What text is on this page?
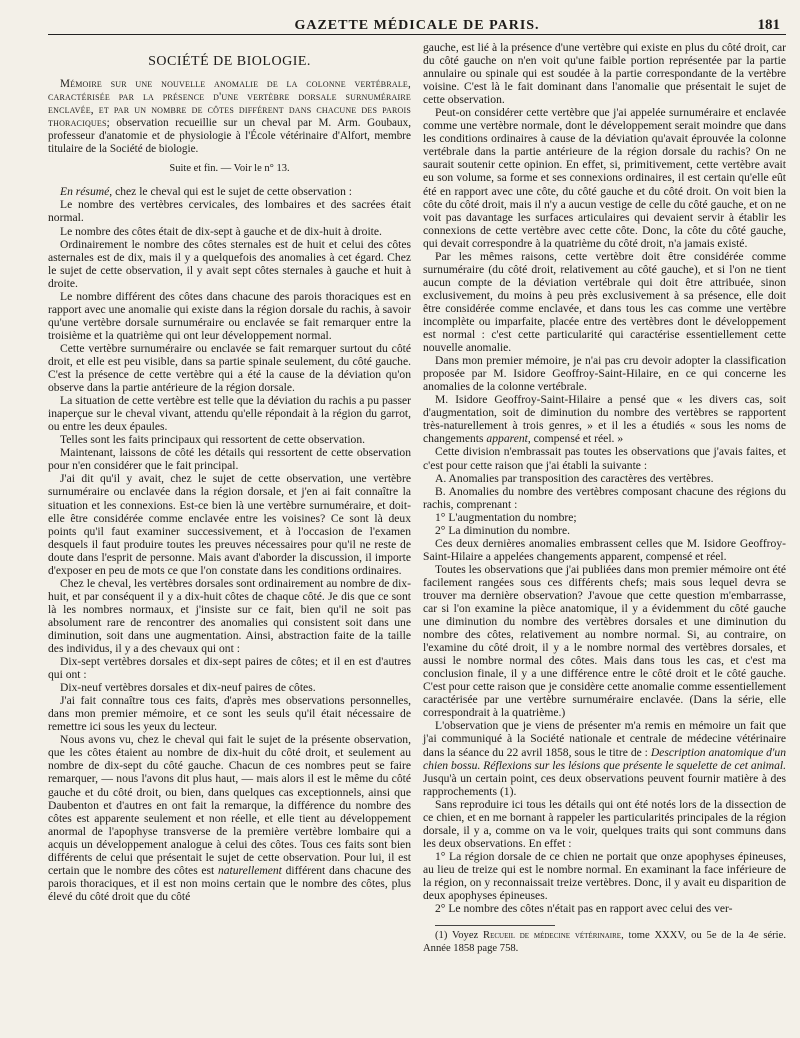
GAZETTE MÉDICALE DE PARIS.	181
SOCIÉTÉ DE BIOLOGIE.

Mémoire sur une nouvelle anomalie de la colonne vertébrale, caractérisée par la présence d'une vertèbre dorsale surnuméraire enclavée, et par un nombre de côtes différent dans chacune des parois thoraciques; observation recueillie sur un cheval par M. Arm. Goubaux, professeur d'anatomie et de physiologie à l'École vétérinaire d'Alfort, membre titulaire de la Société de biologie.

Suite et fin. — Voir le n° 13.

En résumé, chez le cheval qui est le sujet de cette observation :

Le nombre des vertèbres cervicales, des lombaires et des sacrées était normal.

Le nombre des côtes était de dix-sept à gauche et de dix-huit à droite.

Ordinairement le nombre des côtes sternales est de huit et celui des côtes asternales est de dix, mais il y a quelquefois des anomalies à cet égard. Chez le sujet de cette observation, il y avait sept côtes sternales à gauche et huit à droite.

Le nombre différent des côtes dans chacune des parois thoraciques est en rapport avec une anomalie qui existe dans la région dorsale du rachis, à savoir qu'une vertèbre dorsale surnuméraire ou enclavée se fait remarquer entre la troisième et la quatrième qui ont leur développement normal.

Cette vertèbre surnuméraire ou enclavée se fait remarquer surtout du côté droit, et elle est peu visible, dans sa partie spinale seulement, du côté gauche. C'est la présence de cette vertèbre qui a été la cause de la déviation qu'on observe dans la partie antérieure de la région dorsale.

La situation de cette vertèbre est telle que la déviation du rachis a pu passer inaperçue sur le cheval vivant, attendu qu'elle répondait à la région du garrot, ou entre les deux épaules.

Telles sont les faits principaux qui ressortent de cette observation.

Maintenant, laissons de côté les détails qui ressortent de cette observation pour n'en considérer que le fait principal.

J'ai dit qu'il y avait, chez le sujet de cette observation, une vertèbre surnuméraire ou enclavée dans la région dorsale, et j'en ai fait connaître la situation et les connexions. Est-ce bien là une vertèbre surnuméraire, et doit-elle être considérée comme enclavée entre les voisines? Ce sont là deux points qu'il faut examiner successivement, et à l'occasion de l'examen desquels il faut produire toutes les preuves nécessaires pour qu'il ne reste de doute dans l'esprit de personne. Mais avant d'aborder la discussion, il importe d'exposer en peu de mots ce que l'on constate dans les conditions ordinaires.

Chez le cheval, les vertèbres dorsales sont ordinairement au nombre de dix-huit, et par conséquent il y a dix-huit côtes de chaque côté. Je dis que ce sont là les nombres normaux, et j'insiste sur ce fait, bien qu'il ne soit pas absolument rare de rencontrer des anomalies qui consistent soit dans une diminution, soit dans une augmentation. Ainsi, abstraction faite de la taille des individus, il y a des chevaux qui ont :

Dix-sept vertèbres dorsales et dix-sept paires de côtes; et il en est d'autres qui ont :

Dix-neuf vertèbres dorsales et dix-neuf paires de côtes.

J'ai fait connaître tous ces faits, d'après mes observations personnelles, dans mon premier mémoire, et ce sont les seuls qu'il était nécessaire de remettre ici sous les yeux du lecteur.

Nous avons vu, chez le cheval qui fait le sujet de la présente observation, que les côtes étaient au nombre de dix-huit du côté droit, et seulement au nombre de dix-sept du côté gauche. Chacun de ces nombres peut se faire remarquer, — nous l'avons dit plus haut, — mais alors il est le même du côté gauche et du côté droit, ou bien, dans quelques cas exceptionnels, ainsi que Daubenton et d'autres en ont fait la remarque, la différence du nombre des côtes est apparente seulement et non réelle, et elle tient au développement anormal de l'apophyse transverse de la première vertèbre lombaire qui a acquis un développement analogue à celui des côtes. Tous ces faits sont bien différents de celui que présentait le sujet de cette observation. Pour lui, il est certain que le nombre des côtes est naturellement différent dans chacune des parois thoraciques, et il est non moins certain que le nombre des côtes, plus élevé du côté droit que du côté

gauche, est lié à la présence d'une vertèbre qui existe en plus du côté droit, car du côté gauche on n'en voit qu'une faible portion représentée par la partie annulaire ou spinale qui est soudée à la partie correspondante de la vertèbre voisine. C'est là le fait dominant dans l'anomalie que présentait le sujet de cette observation.

Peut-on considérer cette vertèbre que j'ai appelée surnuméraire et enclavée comme une vertèbre normale, dont le développement serait moindre que dans les conditions ordinaires à cause de la déviation qu'avait éprouvée la colonne vertébrale dans la partie antérieure de la région dorsale du rachis? On ne saurait soutenir cette opinion. En effet, si, primitivement, cette vertèbre avait eu son volume, sa forme et ses connexions ordinaires, il est certain qu'elle eût été en rapport avec une côte, du côté gauche et du côté droit. On voit bien la côte du côté droit, mais il n'y a aucun vestige de celle du côté gauche, et on ne voit pas davantage les surfaces articulaires qui devaient servir à établir les connexions de cette vertèbre avec cette côte. Donc, la côte du côté gauche, qui devait correspondre à la quatrième du côté droit, n'a jamais existé.

Par les mêmes raisons, cette vertèbre doit être considérée comme surnuméraire (du côté droit, relativement au côté gauche), et si l'on ne tient aucun compte de la déviation vertébrale qui doit être attribuée, sinon exclusivement, du moins à peu près exclusivement à sa présence, elle doit être considérée comme enclavée, et dans tous les cas comme une vertèbre incomplète ou imparfaite, placée entre des vertèbres dont le développement est normal : c'est cette particularité qui caractérise essentiellement cette nouvelle anomalie.

Dans mon premier mémoire, je n'ai pas cru devoir adopter la classification proposée par M. Isidore Geoffroy-Saint-Hilaire, en ce qui concerne les anomalies de la colonne vertébrale.

M. Isidore Geoffroy-Saint-Hilaire a pensé que « les divers cas, soit d'augmentation, soit de diminution du nombre des vertèbres se rapportent très-naturellement à trois genres, » et il les a étudiés « sous les noms de changements apparent, compensé et réel. »

Cette division n'embrassait pas toutes les observations que j'avais faites, et c'est pour cette raison que j'ai établi la suivante :

A. Anomalies par transposition des caractères des vertèbres.

B. Anomalies du nombre des vertèbres composant chacune des régions du rachis, comprenant :

1° L'augmentation du nombre;

2° La diminution du nombre.

Ces deux dernières anomalies embrassent celles que M. Isidore Geoffroy-Saint-Hilaire a appelées changements apparent, compensé et réel.

Toutes les observations que j'ai publiées dans mon premier mémoire ont été facilement rangées sous ces différents chefs; mais sous lequel devra se trouver ma dernière observation? J'avoue que cette question m'embarrasse, car si l'on examine la pièce anatomique, il y a évidemment du côté gauche une diminution du nombre des vertèbres dorsales et une diminution du nombre des côtes, relativement au nombre normal. Si, au contraire, on l'examine du côté droit, il y a le nombre normal des vertèbres dorsales, et aussi le nombre normal des côtes. Mais dans tous les cas, et c'est ma conclusion finale, il y a une différence entre le côté droit et le côté gauche. C'est pour cette raison que je considère cette anomalie comme essentiellement caractérisée par une vertèbre surnuméraire enclavée. (Dans la série, elle correspondrait à la quatrième.)

L'observation que je viens de présenter m'a remis en mémoire un fait que j'ai communiqué à la Société nationale et centrale de médecine vétérinaire dans la séance du 22 avril 1858, sous le titre de : Description anatomique d'un chien bossu. Réflexions sur les lésions que présente le squelette de cet animal. Jusqu'à un certain point, ces deux observations peuvent fournir matière à des rapprochements (1).

Sans reproduire ici tous les détails qui ont été notés lors de la dissection de ce chien, et en me bornant à rappeler les particularités principales de la région dorsale, il y a, comme on va le voir, quelques traits qui sont communs dans les deux observations. En effet :

1° La région dorsale de ce chien ne portait que onze apophyses épineuses, au lieu de treize qui est le nombre normal. En examinant la face inférieure de la région, on y reconnaissait treize vertèbres. Donc, il y avait eu disparition de deux apophyses épineuses.

2° Le nombre des côtes n'était pas en rapport avec celui des ver-

(1) Voyez Recueil de médecine vétérinaire, tome XXXV, ou 5e de la 4e série. Année 1858 page 758.
